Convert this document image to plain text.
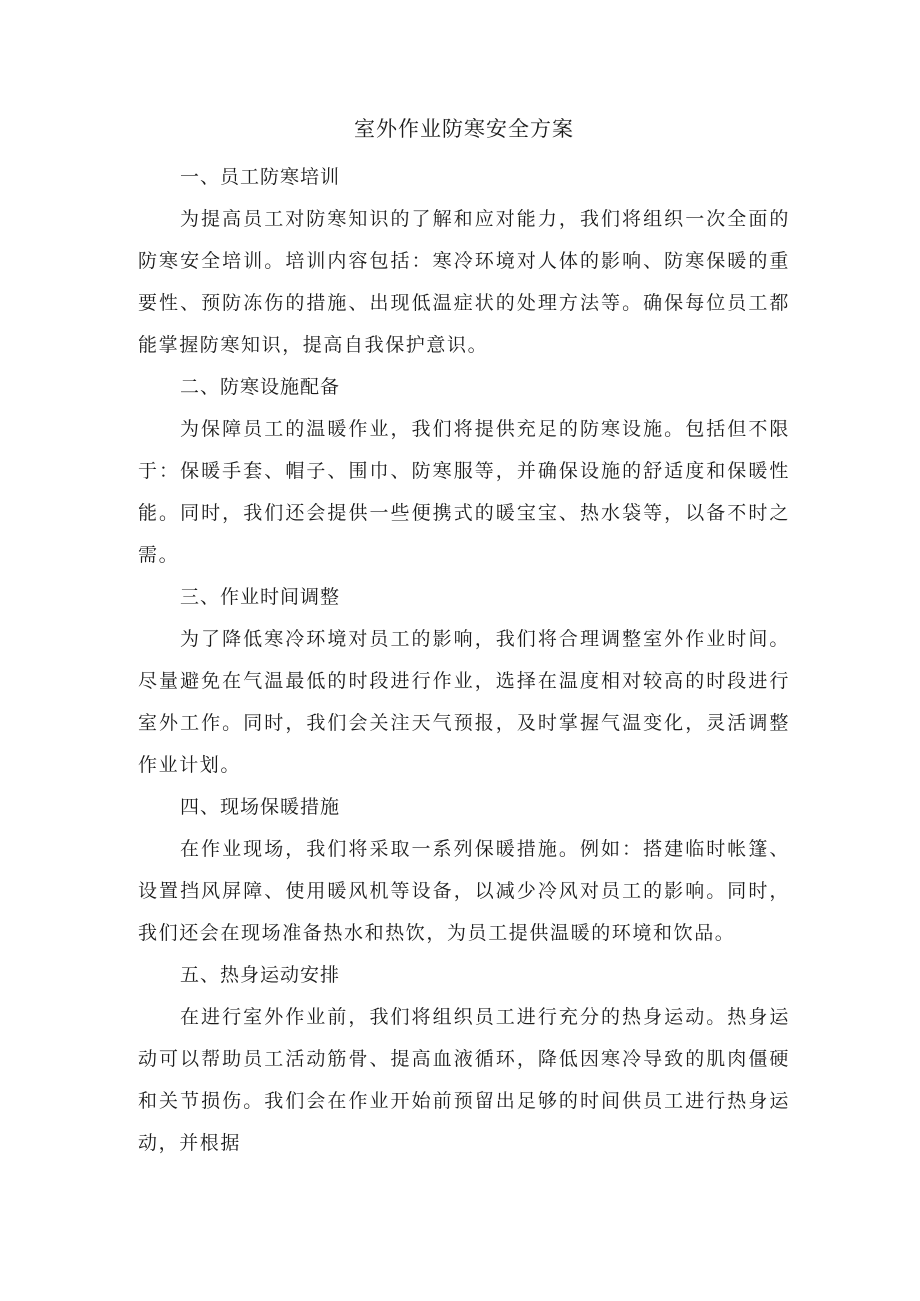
室外作业防寒安全方案

一、员工防寒培训

为提高员工对防寒知识的了解和应对能力，我们将组织一次全面的防寒安全培训。培训内容包括：寒冷环境对人体的影响、防寒保暖的重要性、预防冻伤的措施、出现低温症状的处理方法等。确保每位员工都能掌握防寒知识，提高自我保护意识。

二、防寒设施配备

为保障员工的温暖作业，我们将提供充足的防寒设施。包括但不限于：保暖手套、帽子、围巾、防寒服等，并确保设施的舒适度和保暖性能。同时，我们还会提供一些便携式的暖宝宝、热水袋等，以备不时之需。

三、作业时间调整

为了降低寒冷环境对员工的影响，我们将合理调整室外作业时间。尽量避免在气温最低的时段进行作业，选择在温度相对较高的时段进行室外工作。同时，我们会关注天气预报，及时掌握气温变化，灵活调整作业计划。

四、现场保暖措施

在作业现场，我们将采取一系列保暖措施。例如：搭建临时帐篷、设置挡风屏障、使用暖风机等设备，以减少冷风对员工的影响。同时，我们还会在现场准备热水和热饮，为员工提供温暖的环境和饮品。

五、热身运动安排

在进行室外作业前，我们将组织员工进行充分的热身运动。热身运动可以帮助员工活动筋骨、提高血液循环，降低因寒冷导致的肌肉僵硬和关节损伤。我们会在作业开始前预留出足够的时间供员工进行热身运动，并根据
